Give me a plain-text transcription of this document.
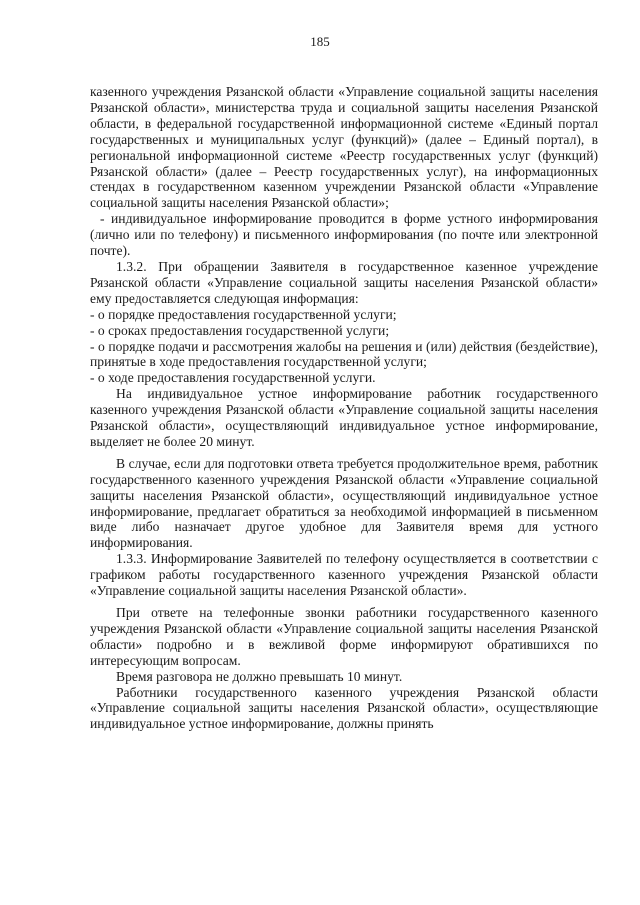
185

казенного учреждения Рязанской области «Управление социальной защиты населения Рязанской области», министерства труда и социальной защиты населения Рязанской области, в федеральной государственной информационной системе «Единый портал государственных и муниципальных услуг (функций)» (далее – Единый портал), в региональной информационной системе «Реестр государственных услуг (функций) Рязанской области» (далее – Реестр государственных услуг), на информационных стендах в государственном казенном учреждении Рязанской области «Управление социальной защиты населения Рязанской области»;

- индивидуальное информирование проводится в форме устного информирования (лично или по телефону) и письменного информирования (по почте или электронной почте).

1.3.2. При обращении Заявителя в государственное казенное учреждение Рязанской области «Управление социальной защиты населения Рязанской области» ему предоставляется следующая информация:

- о порядке предоставления государственной услуги;

- о сроках предоставления государственной услуги;

- о порядке подачи и рассмотрения жалобы на решения и (или) действия (бездействие), принятые в ходе предоставления государственной услуги;

- о ходе предоставления государственной услуги.

На индивидуальное устное информирование работник государственного казенного учреждения Рязанской области «Управление социальной защиты населения Рязанской области», осуществляющий индивидуальное устное информирование, выделяет не более 20 минут.

В случае, если для подготовки ответа требуется продолжительное время, работник государственного казенного учреждения Рязанской области «Управление социальной защиты населения Рязанской области», осуществляющий индивидуальное устное информирование, предлагает обратиться за необходимой информацией в письменном виде либо назначает другое удобное для Заявителя время для устного информирования.

1.3.3. Информирование Заявителей по телефону осуществляется в соответствии с графиком работы государственного казенного учреждения Рязанской области «Управление социальной защиты населения Рязанской области».

При ответе на телефонные звонки работники государственного казенного учреждения Рязанской области «Управление социальной защиты населения Рязанской области» подробно и в вежливой форме информируют обратившихся по интересующим вопросам.

Время разговора не должно превышать 10 минут.

Работники государственного казенного учреждения Рязанской области «Управление социальной защиты населения Рязанской области», осуществляющие индивидуальное устное информирование, должны принять
